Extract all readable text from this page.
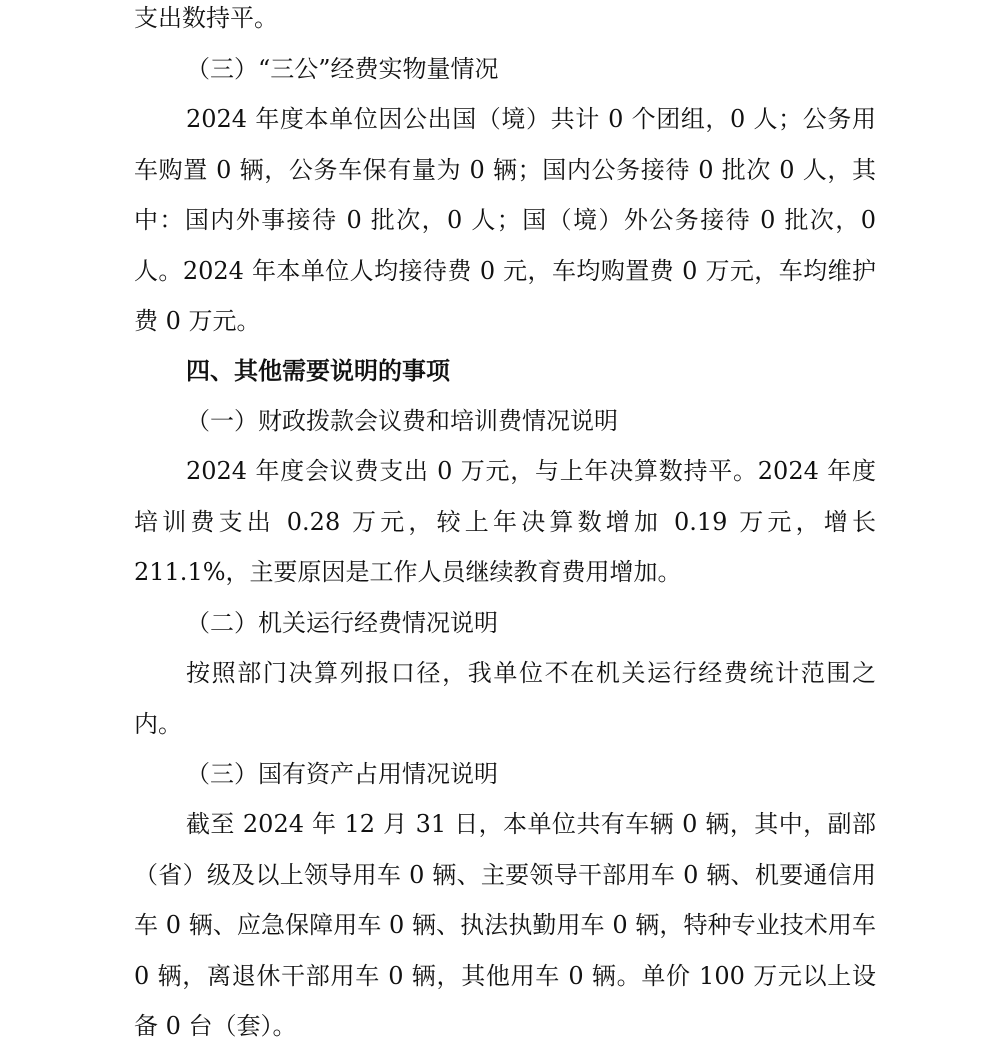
支出数持平。

（三）“三公”经费实物量情况

2024 年度本单位因公出国（境）共计 0 个团组，0 人；公务用车购置 0 辆，公务车保有量为 0 辆；国内公务接待 0 批次 0 人，其中：国内外事接待 0 批次，0 人；国（境）外公务接待 0 批次，0 人。2024 年本单位人均接待费 0 元，车均购置费 0 万元，车均维护费 0 万元。

四、其他需要说明的事项

（一）财政拨款会议费和培训费情况说明

2024 年度会议费支出 0 万元，与上年决算数持平。2024 年度培训费支出 0.28 万元，较上年决算数增加 0.19 万元，增长 211.1%，主要原因是工作人员继续教育费用增加。

（二）机关运行经费情况说明

按照部门决算列报口径，我单位不在机关运行经费统计范围之内。

（三）国有资产占用情况说明

截至 2024 年 12 月 31 日，本单位共有车辆 0 辆，其中，副部（省）级及以上领导用车 0 辆、主要领导干部用车 0 辆、机要通信用车 0 辆、应急保障用车 0 辆、执法执勤用车 0 辆，特种专业技术用车 0 辆，离退休干部用车 0 辆，其他用车 0 辆。单价 100 万元以上设备 0 台（套）。
